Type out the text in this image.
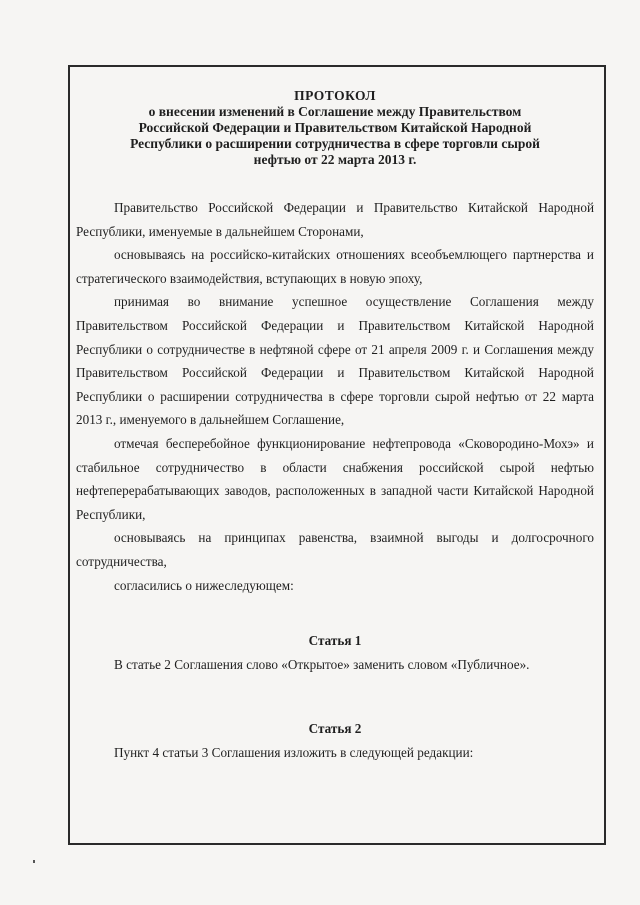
ПРОТОКОЛ
о внесении изменений в Соглашение между Правительством
Российской Федерации и Правительством Китайской Народной
Республики о расширении сотрудничества в сфере торговли сырой
нефтью от 22 марта 2013 г.

Правительство Российской Федерации и Правительство Китайской Народной Республики, именуемые в дальнейшем Сторонами,

основываясь на российско-китайских отношениях всеобъемлющего партнерства и стратегического взаимодействия, вступающих в новую эпоху,

принимая во внимание успешное осуществление Соглашения между Правительством Российской Федерации и Правительством Китайской Народной Республики о сотрудничестве в нефтяной сфере от 21 апреля 2009 г. и Соглашения между Правительством Российской Федерации и Правительством Китайской Народной Республики о расширении сотрудничества в сфере торговли сырой нефтью от 22 марта 2013 г., именуемого в дальнейшем Соглашение,

отмечая бесперебойное функционирование нефтепровода «Сковородино-Мохэ» и стабильное сотрудничество в области снабжения российской сырой нефтью нефтеперерабатывающих заводов, расположенных в западной части Китайской Народной Республики,

основываясь на принципах равенства, взаимной выгоды и долгосрочного сотрудничества,

согласились о нижеследующем:

Статья 1

В статье 2 Соглашения слово «Открытое» заменить словом «Публичное».

Статья 2

Пункт 4 статьи 3 Соглашения изложить в следующей редакции:
